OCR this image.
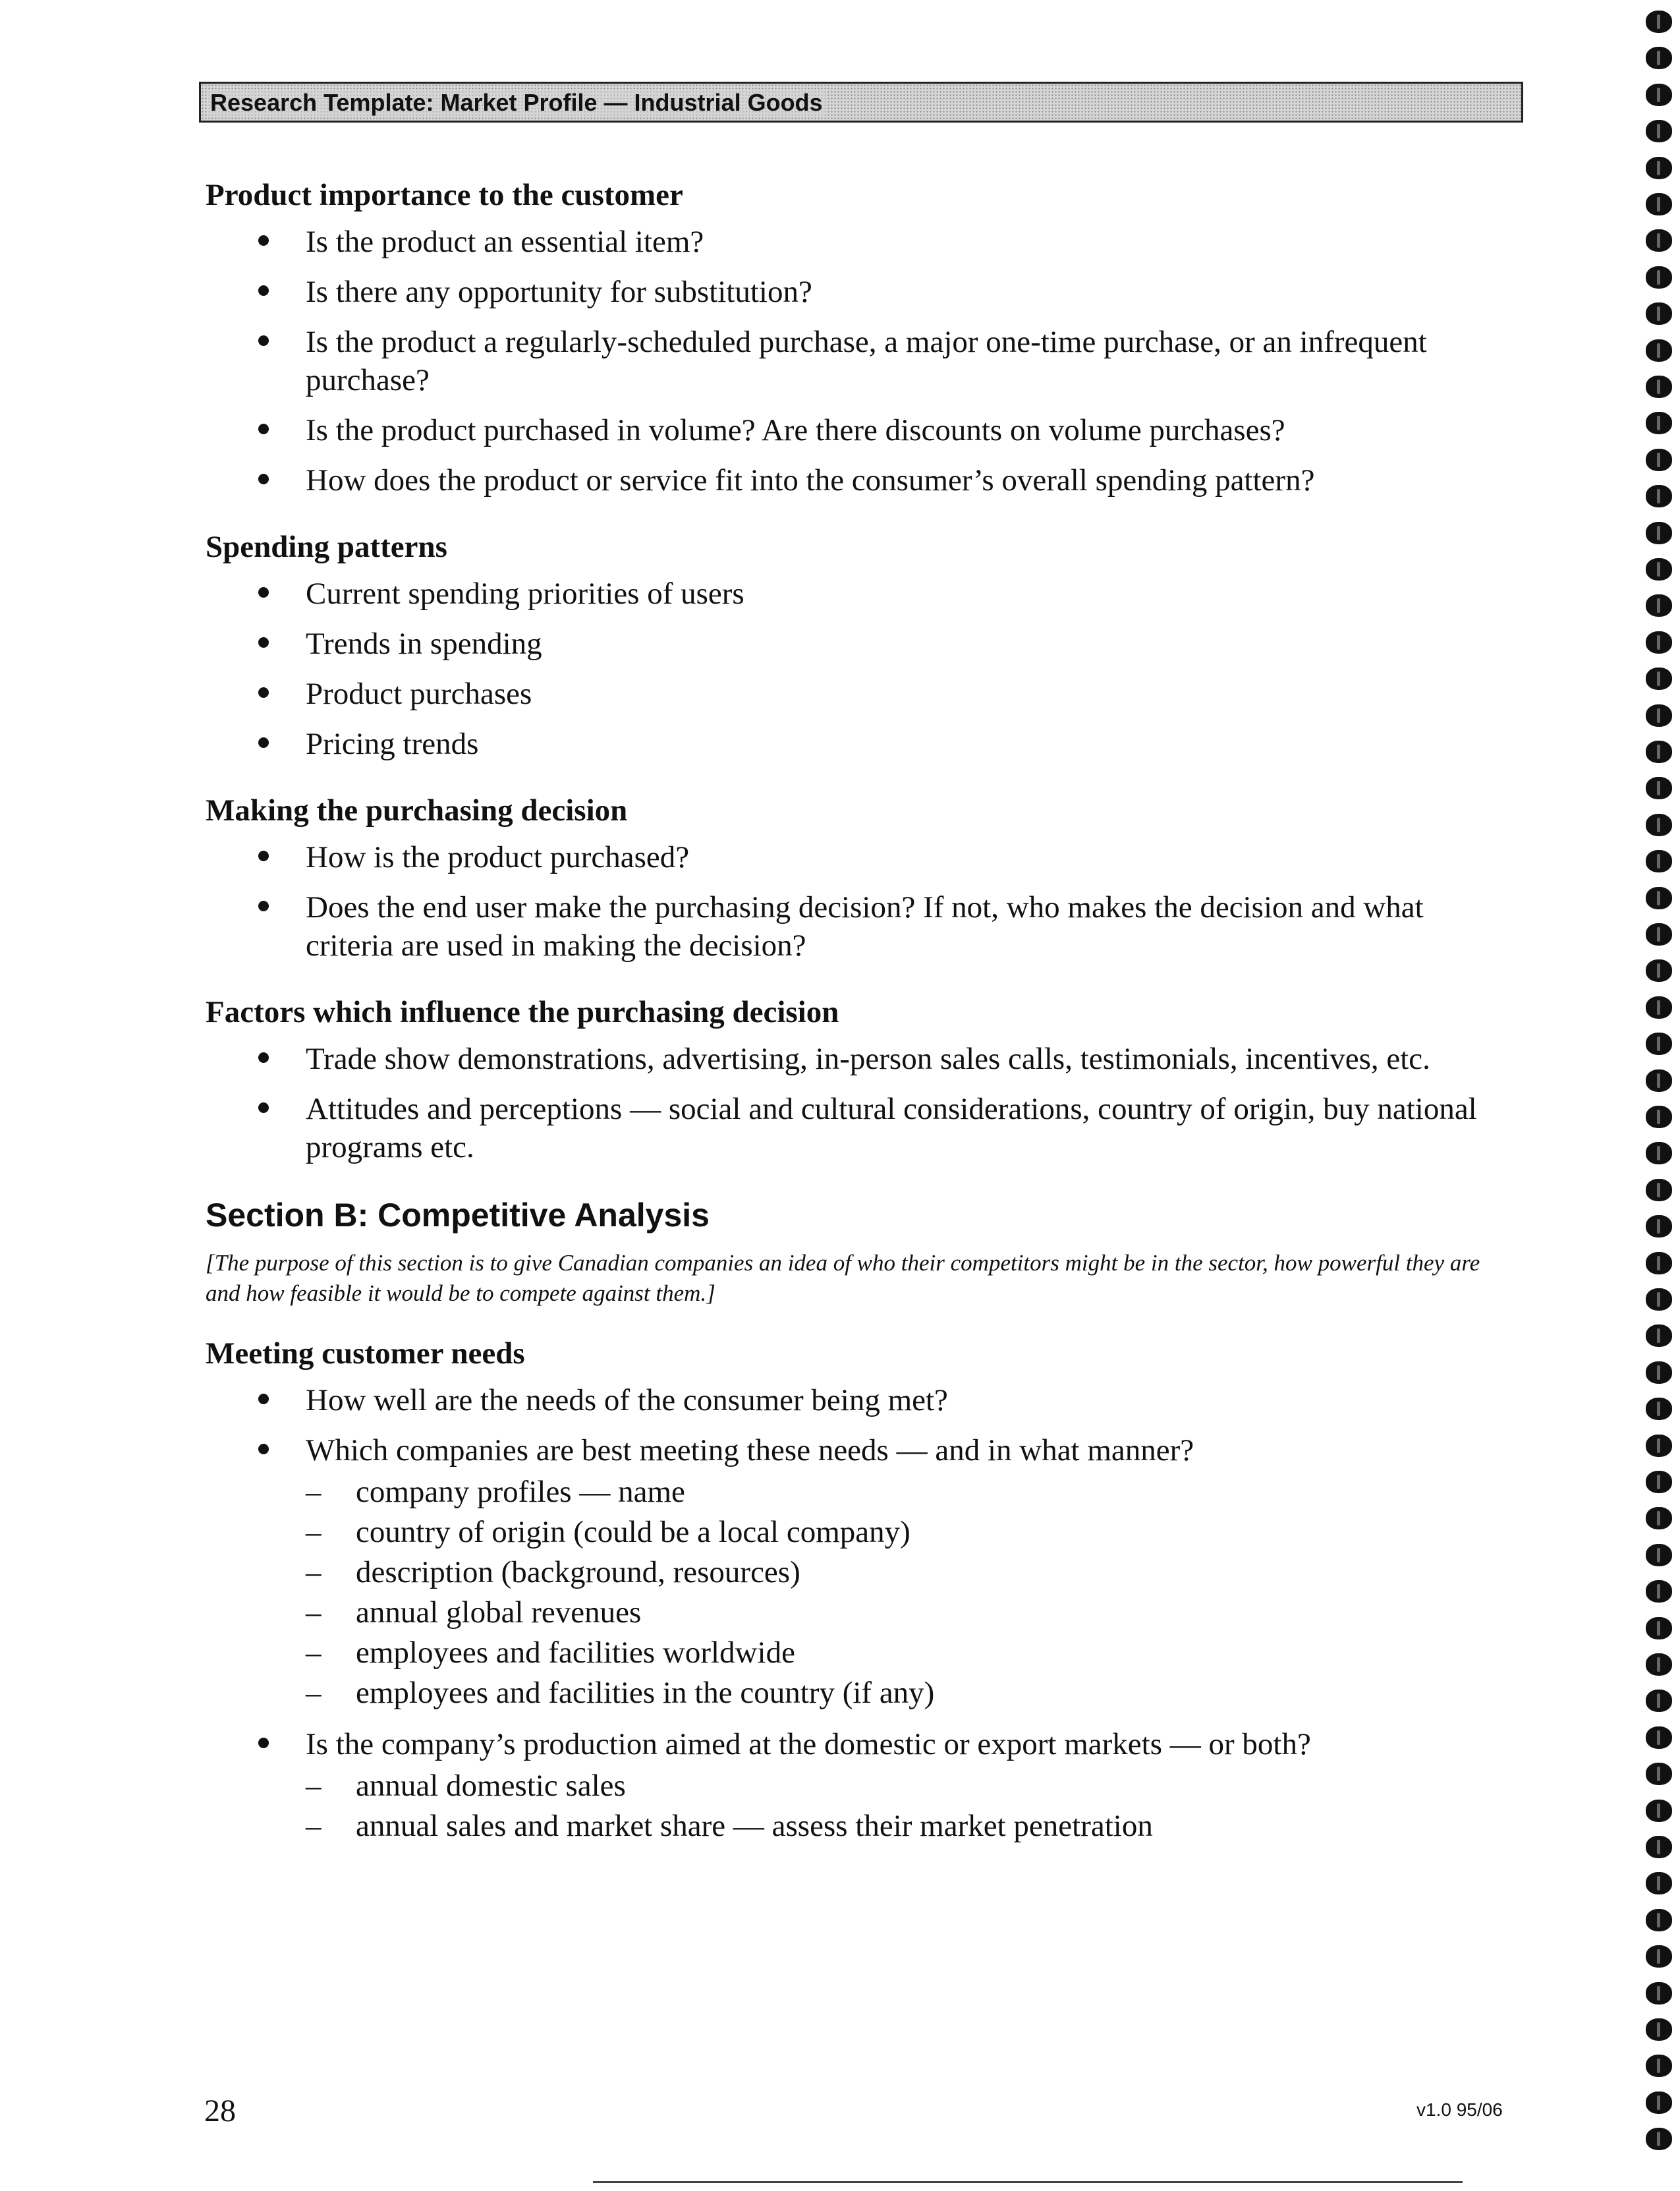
Research Template: Market Profile — Industrial Goods
Product importance to the customer
Is the product an essential item?
Is there any opportunity for substitution?
Is the product a regularly-scheduled purchase, a major one-time purchase, or an infrequent purchase?
Is the product purchased in volume? Are there discounts on volume purchases?
How does the product or service fit into the consumer’s overall spending pattern?
Spending patterns
Current spending priorities of users
Trends in spending
Product purchases
Pricing trends
Making the purchasing decision
How is the product purchased?
Does the end user make the purchasing decision? If not, who makes the decision and what criteria are used in making the decision?
Factors which influence the purchasing decision
Trade show demonstrations, advertising, in-person sales calls, testimonials, incentives, etc.
Attitudes and perceptions — social and cultural considerations, country of origin, buy national programs etc.
Section B: Competitive Analysis

[The purpose of this section is to give Canadian companies an idea of who their competitors might be in the sector, how powerful they are and how feasible it would be to compete against them.]

Meeting customer needs
How well are the needs of the consumer being met?
Which companies are best meeting these needs — and in what manner?
– company profiles — name
– country of origin (could be a local company)
– description (background, resources)
– annual global revenues
– employees and facilities worldwide
– employees and facilities in the country (if any)
Is the company’s production aimed at the domestic or export markets — or both?
– annual domestic sales
– annual sales and market share — assess their market penetration
28	v1.0 95/06
